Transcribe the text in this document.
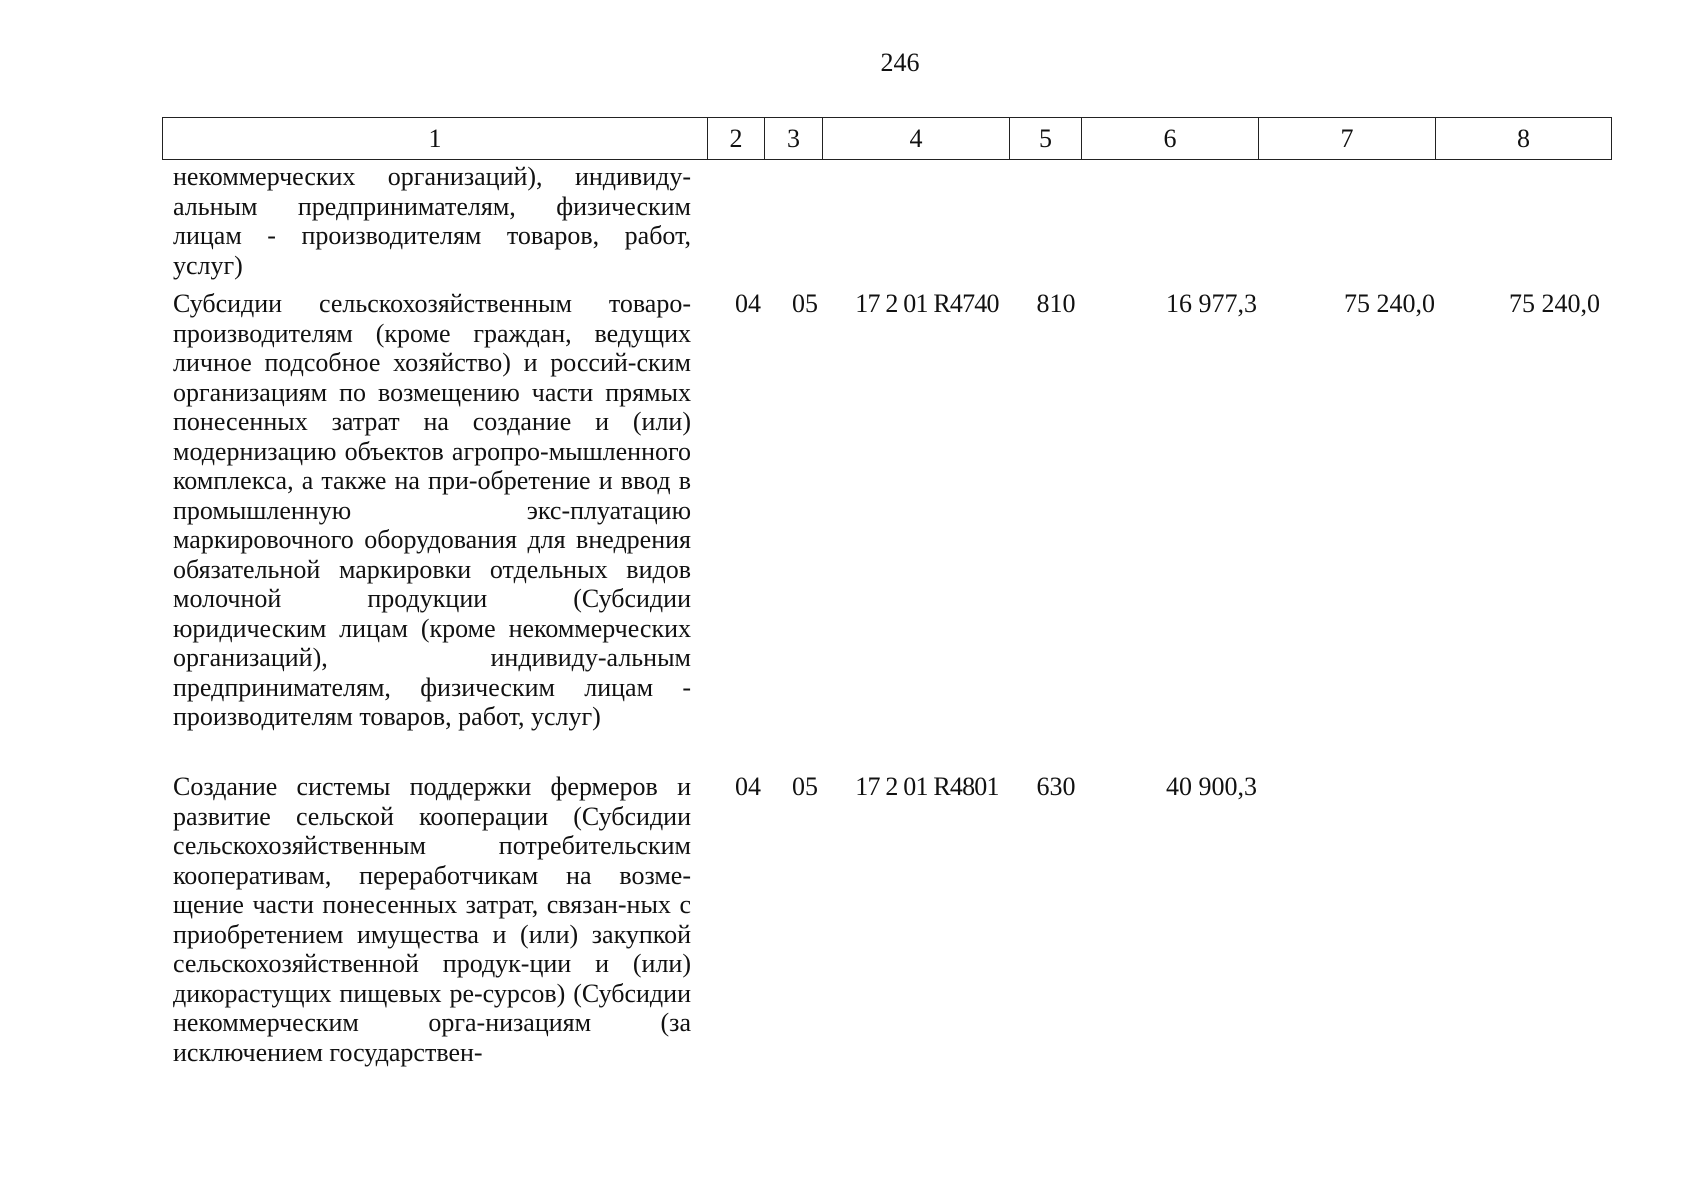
246
1	2	3	4	5	6	7	8
некоммерческих организаций), индивиду-альным предпринимателям, физическим лицам - производителям товаров, работ, услуг)
Субсидии сельскохозяйственным товаро-производителям (кроме граждан, ведущих личное подсобное хозяйство) и россий-ским организациям по возмещению части прямых понесенных затрат на создание и (или) модернизацию объектов агропро-мышленного комплекса, а также на при-обретение и ввод в промышленную экс-плуатацию маркировочного оборудования для внедрения обязательной маркировки отдельных видов молочной продукции (Субсидии юридическим лицам (кроме некоммерческих организаций), индивиду-альным предпринимателям, физическим лицам - производителям товаров, работ, услуг)
04	05	17 2 01 R4740	810	16 977,3	75 240,0	75 240,0
Создание системы поддержки фермеров и развитие сельской кооперации (Субсидии сельскохозяйственным потребительским кооперативам, переработчикам на возме-щение части понесенных затрат, связан-ных с приобретением имущества и (или) закупкой сельскохозяйственной продук-ции и (или) дикорастущих пищевых ре-сурсов) (Субсидии некоммерческим орга-низациям (за исключением государствен-
04	05	17 2 01 R4801	630	40 900,3
